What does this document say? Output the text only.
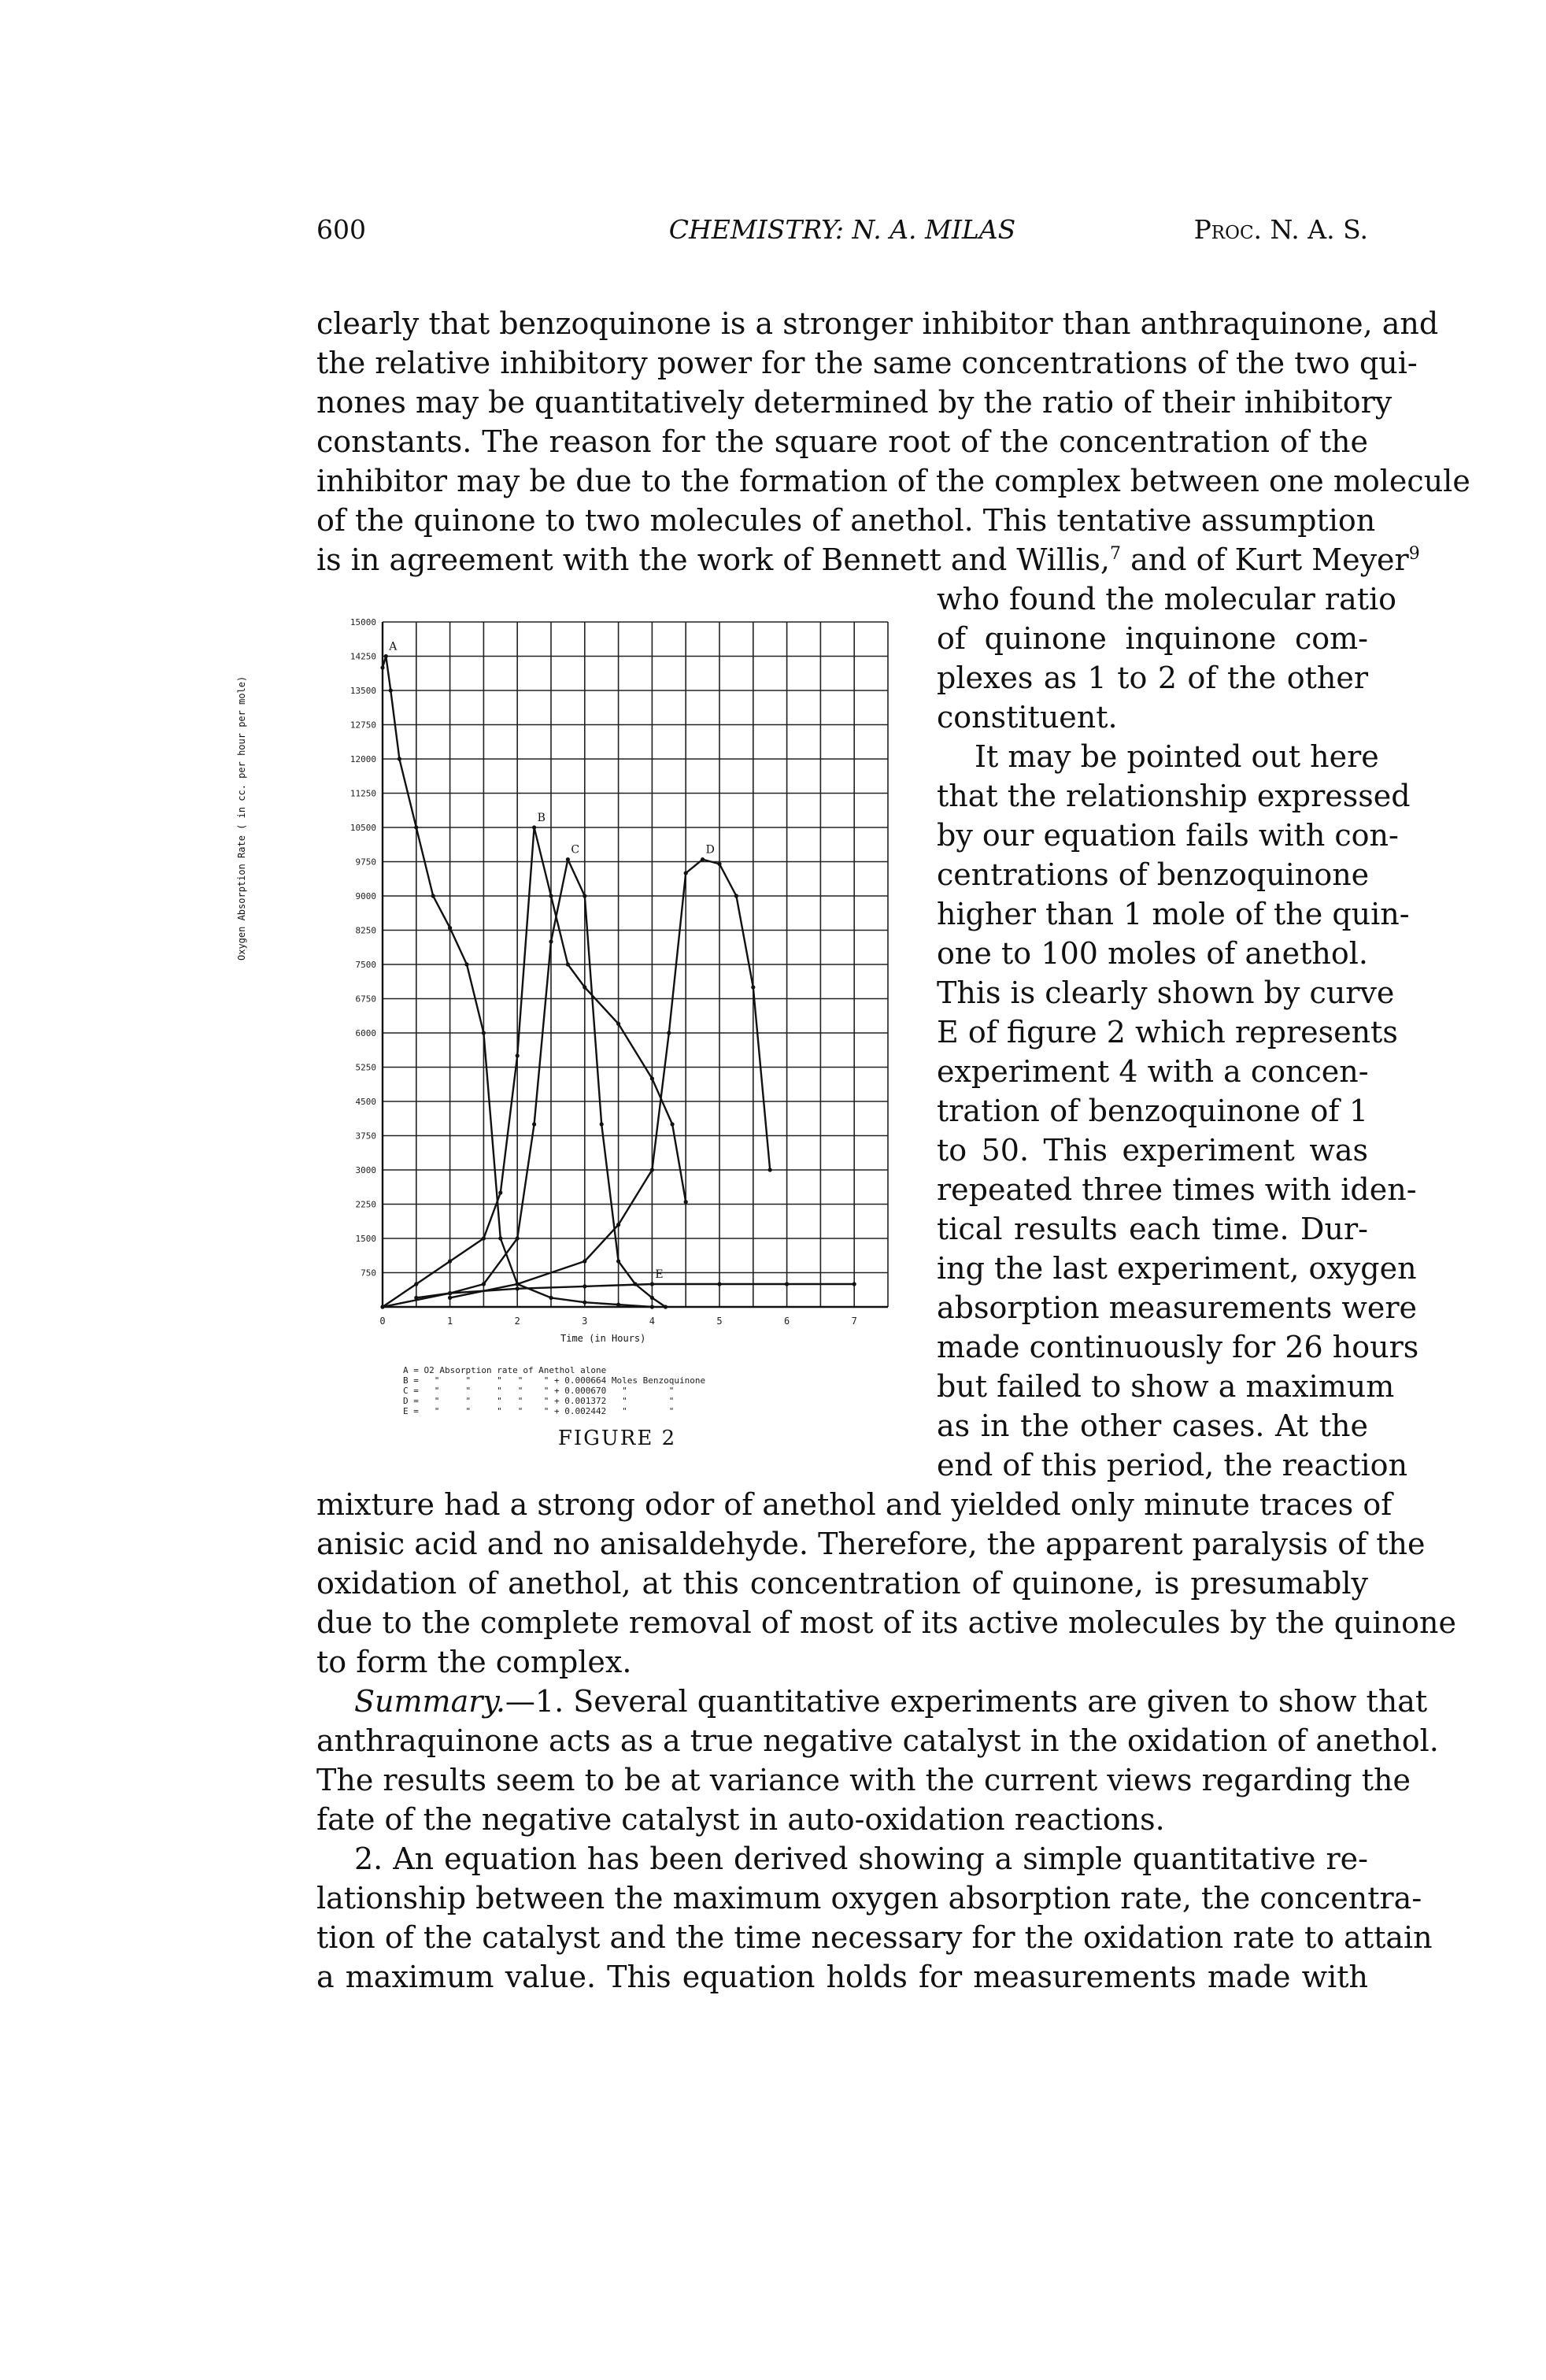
600	CHEMISTRY: N. A. MILAS	Proc. N. A. S.
clearly that benzoquinone is a stronger inhibitor than anthraquinone, and
the relative inhibitory power for the same concentrations of the two qui-
nones may be quantitatively determined by the ratio of their inhibitory
constants. The reason for the square root of the concentration of the
inhibitor may be due to the formation of the complex between one molecule
of the quinone to two molecules of anethol. This tentative assumption
is in agreement with the work of Bennett and Willis,$^7$ and of Kurt Meyer$^9$
who found the molecular ratio
of quinone inquinone com-
plexes as 1 to 2 of the other
constituent.
It may be pointed out here
that the relationship expressed
by our equation fails with con-
centrations of benzoquinone
higher than 1 mole of the quin-
one to 100 moles of anethol.
This is clearly shown by curve
E of figure 2 which represents
experiment 4 with a concen-
tration of benzoquinone of 1
to 50. This experiment was
repeated three times with iden-
tical results each time. Dur-
ing the last experiment, oxygen
absorption measurements were
made continuously for 26 hours
but failed to show a maximum
as in the other cases. At the
end of this period, the reaction
750
1500
2250
3000
3750
4500
5250
6000
6750
7500
8250
9000
9750
10500
11250
12000
12750
13500
14250
15000
0	1	2	3	4	5	6	7
A
B
C	D
E
Oxygen Absorption Rate ( in cc. per hour per mole)
Time (in Hours)
A = O2 Absorption rate of Anethol alone
B =   "     "     "   "    " + 0.000664 Moles Benzoquinone
C =   "     "     "   "    " + 0.000670   "        "
D =   "     "     "   "    " + 0.001372   "        "
E =   "     "     "   "    " + 0.002442   "        "
FIGURE 2
mixture had a strong odor of anethol and yielded only minute traces of
anisic acid and no anisaldehyde. Therefore, the apparent paralysis of the
oxidation of anethol, at this concentration of quinone, is presumably
due to the complete removal of most of its active molecules by the quinone
to form the complex.
Summary.—1. Several quantitative experiments are given to show that
anthraquinone acts as a true negative catalyst in the oxidation of anethol.
The results seem to be at variance with the current views regarding the
fate of the negative catalyst in auto-oxidation reactions.
2. An equation has been derived showing a simple quantitative re-
lationship between the maximum oxygen absorption rate, the concentra-
tion of the catalyst and the time necessary for the oxidation rate to attain
a maximum value. This equation holds for measurements made with
